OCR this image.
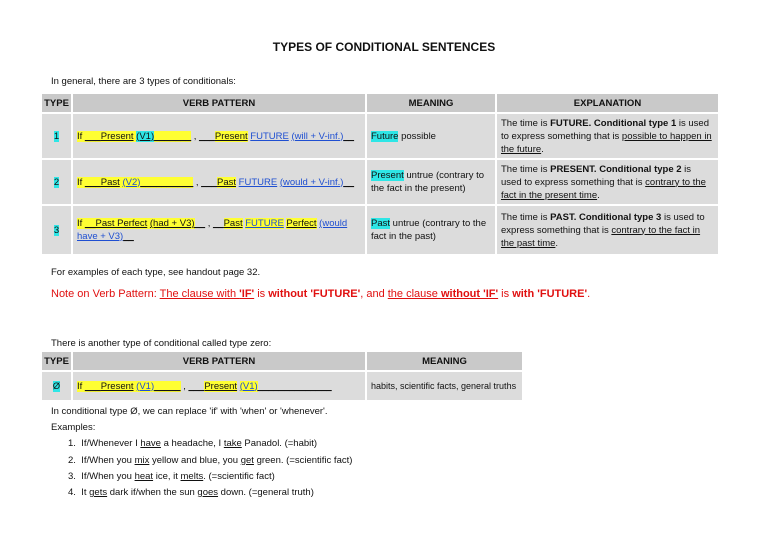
TYPES OF CONDITIONAL SENTENCES
In general, there are 3 types of conditionals:
TYPE	VERB PATTERN	MEANING	EXPLANATION
1	If ___Present (V1)_______ , ___Present FUTURE (will + V-inf.)__	Future possible	The time is FUTURE. Conditional type 1 is used to express something that is possible to happen in the future.
2	If ___Past (V2)__________ , ___Past FUTURE (would + V-inf.)__	Present untrue (contrary to the fact in the present)	The time is PRESENT. Conditional type 2 is used to express something that is contrary to the fact in the present time.
3	If __Past Perfect (had + V3)__ , __Past FUTURE Perfect (would have + V3)__	Past untrue (contrary to the fact in the past)	The time is PAST. Conditional type 3 is used to express something that is contrary to the fact in the past time.
For examples of each type, see handout page 32.
Note on Verb Pattern: The clause with 'IF' is without 'FUTURE', and the clause without 'IF' is with 'FUTURE'.
There is another type of conditional called type zero:
TYPE	VERB PATTERN	MEANING
Ø	If ___Present (V1)_____ , ___Present (V1)______________	habits, scientific facts, general truths
In conditional type Ø, we can replace 'if' with 'when' or 'whenever'.
Examples:
1. If/Whenever I have a headache, I take Panadol. (=habit)
2. If/When you mix yellow and blue, you get green. (=scientific fact)
3. If/When you heat ice, it melts. (=scientific fact)
4. It gets dark if/when the sun goes down. (=general truth)
